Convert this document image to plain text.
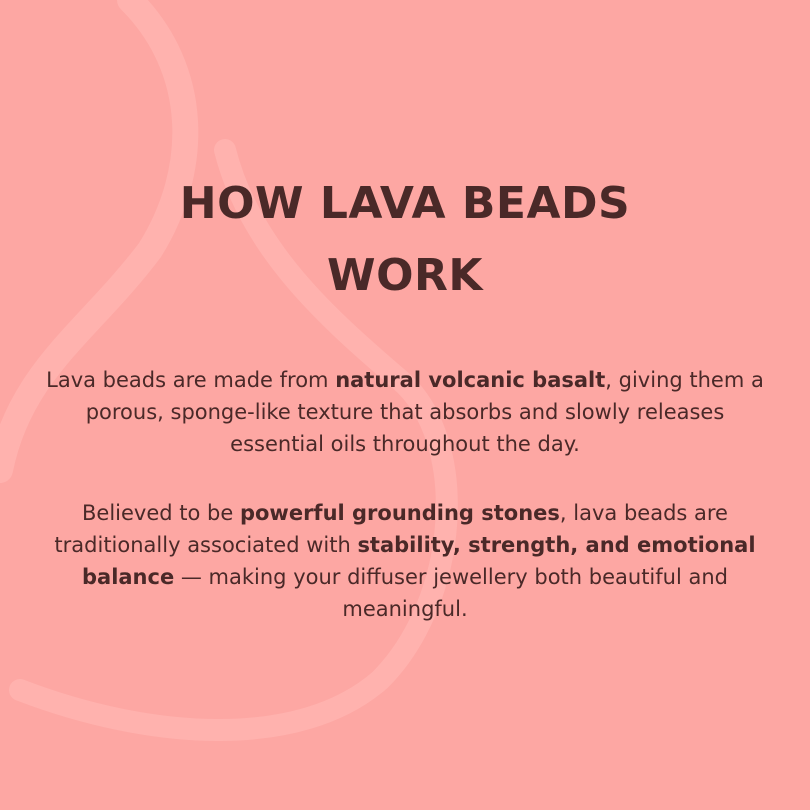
HOW LAVA BEADS
WORK

Lava beads are made from natural volcanic basalt, giving them a porous, sponge-like texture that absorbs and slowly releases essential oils throughout the day.

Believed to be powerful grounding stones, lava beads are traditionally associated with stability, strength, and emotional balance — making your diffuser jewellery both beautiful and meaningful.
